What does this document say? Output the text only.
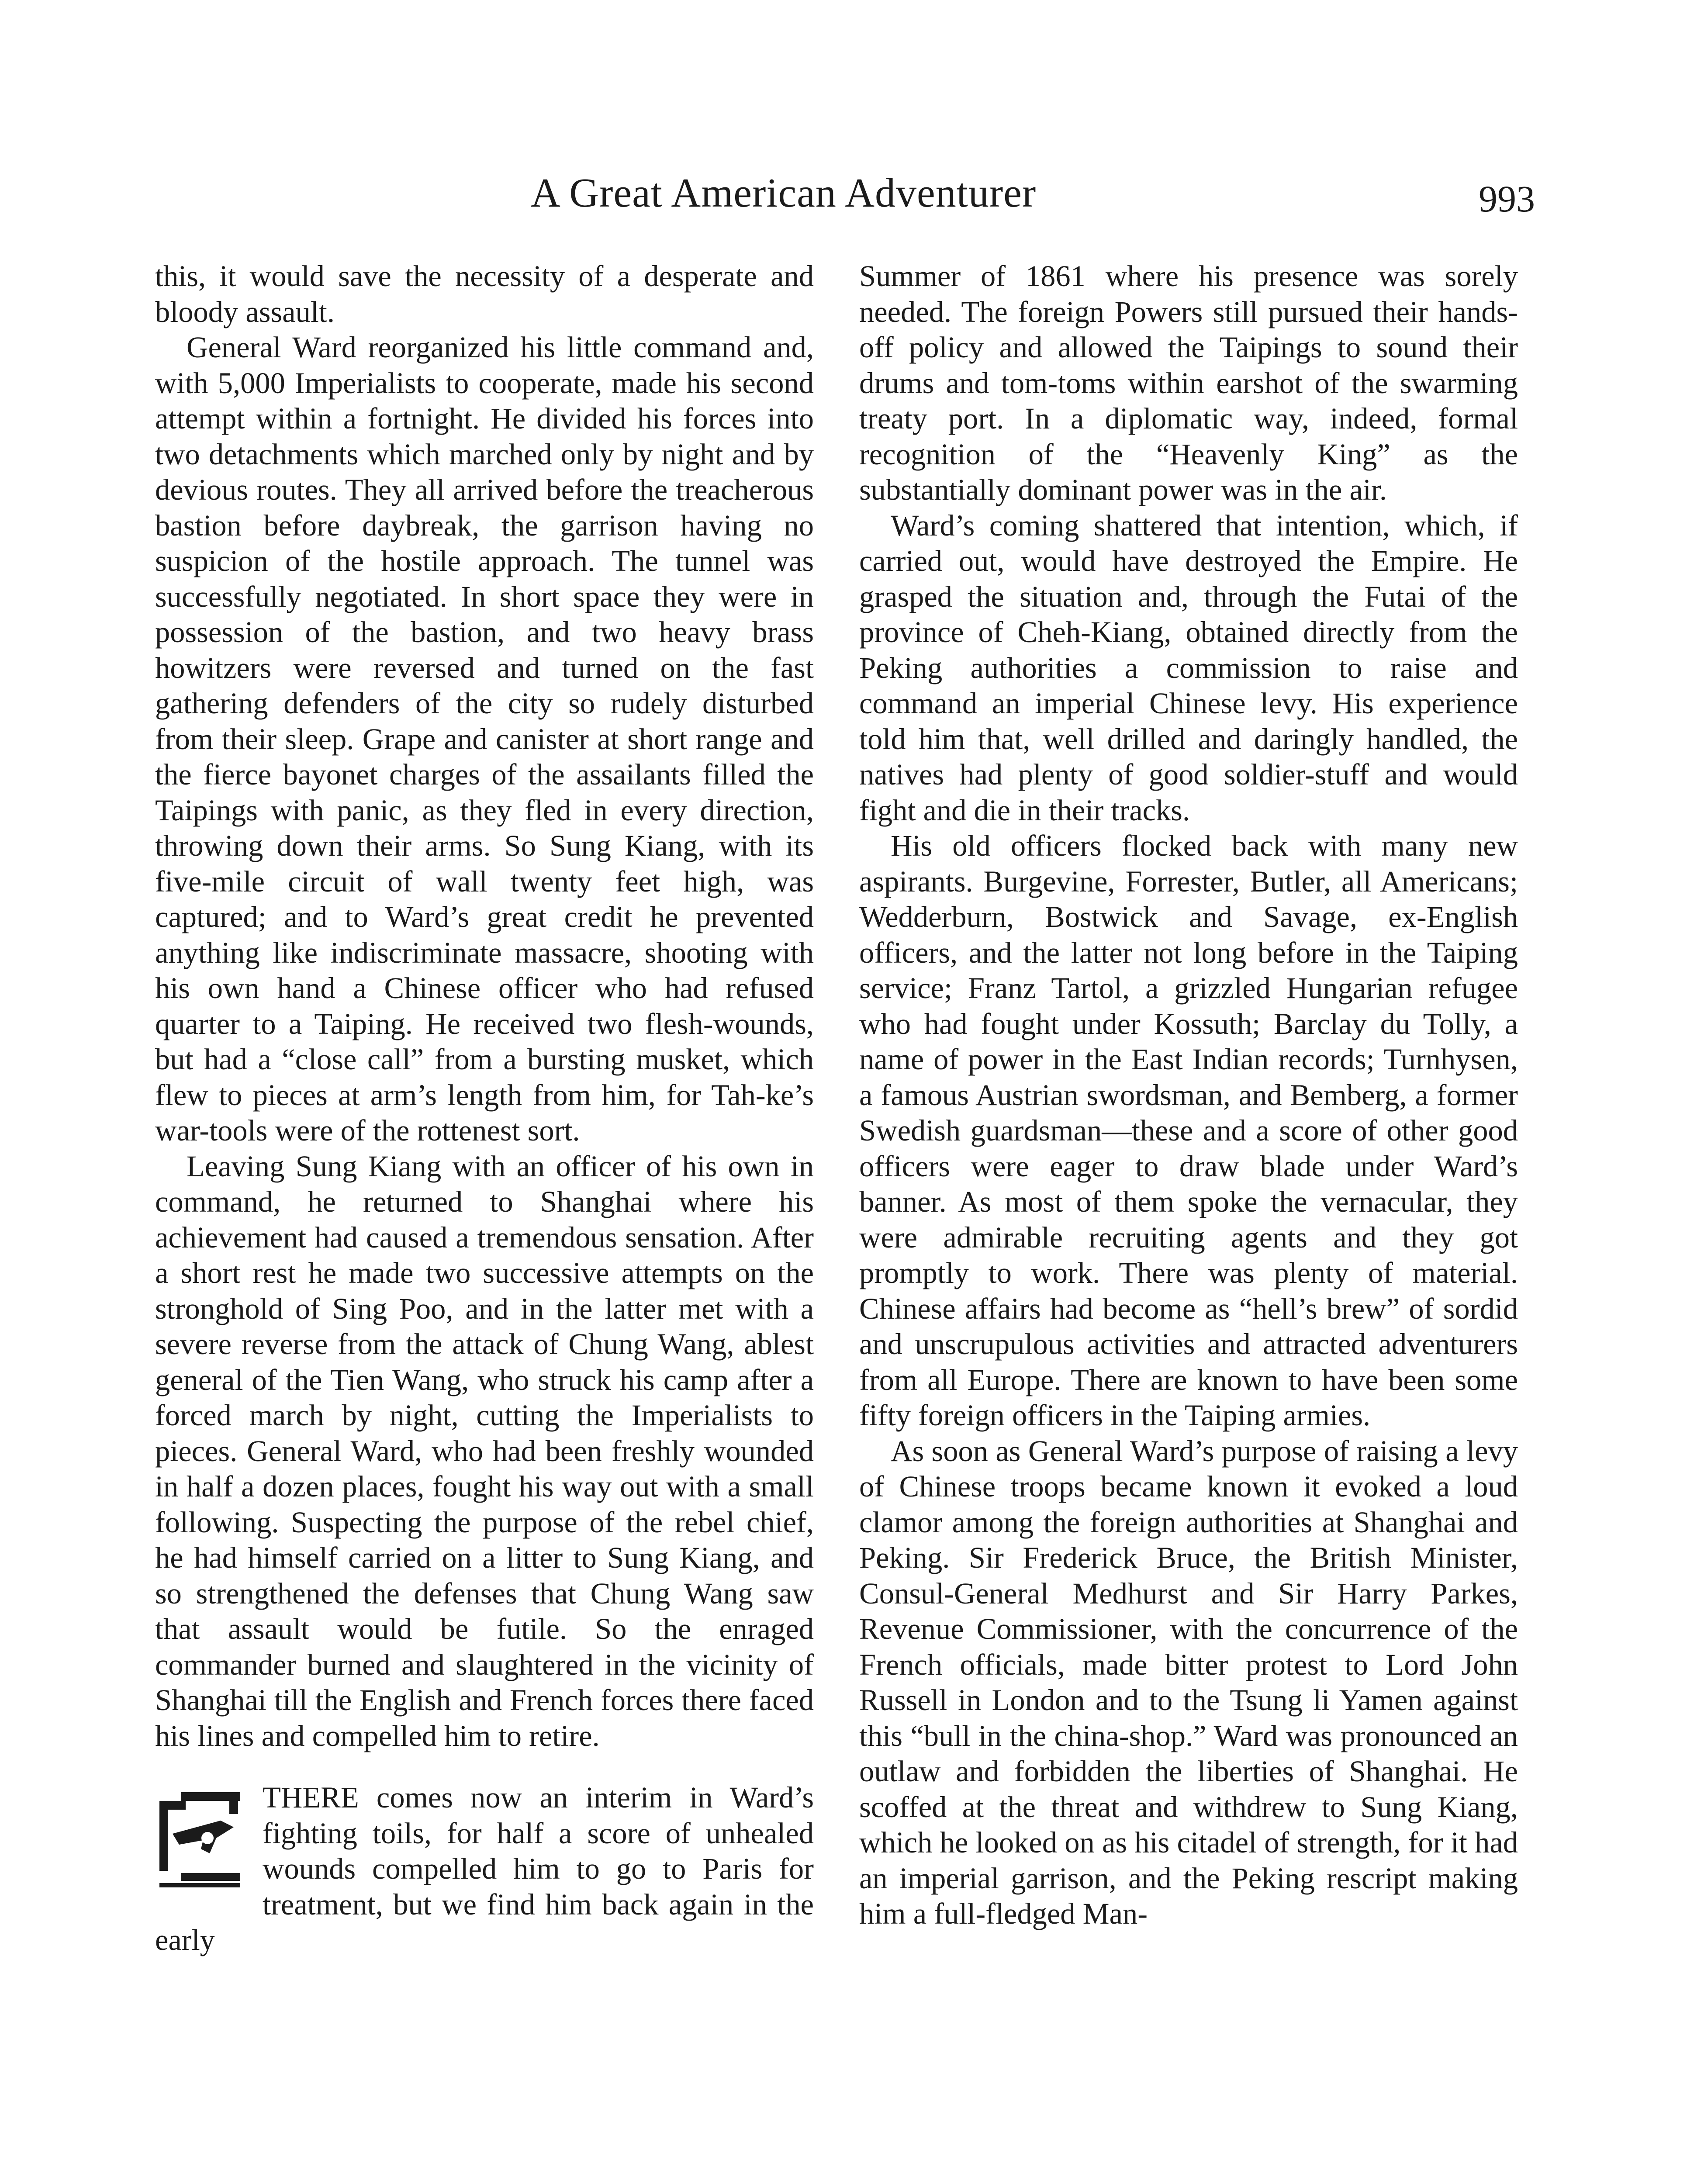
A Great American Adventurer	993

this, it would save the necessity of a desperate and bloody assault.

General Ward reorganized his little command and, with 5,000 Imperialists to cooperate, made his second attempt within a fortnight. He divided his forces into two detachments which marched only by night and by devious routes. They all arrived before the treacherous bastion before daybreak, the garrison having no suspicion of the hostile approach. The tunnel was successfully negotiated. In short space they were in possession of the bastion, and two heavy brass howitzers were reversed and turned on the fast gathering defenders of the city so rudely disturbed from their sleep. Grape and canister at short range and the fierce bayonet charges of the assailants filled the Taipings with panic, as they fled in every direction, throwing down their arms. So Sung Kiang, with its five-mile circuit of wall twenty feet high, was captured; and to Ward’s great credit he prevented anything like indiscriminate massacre, shooting with his own hand a Chinese officer who had refused quarter to a Taiping. He received two flesh-wounds, but had a “close call” from a bursting musket, which flew to pieces at arm’s length from him, for Tah-ke’s war-tools were of the rottenest sort.

Leaving Sung Kiang with an officer of his own in command, he returned to Shanghai where his achievement had caused a tremendous sensation. After a short rest he made two successive attempts on the stronghold of Sing Poo, and in the latter met with a severe reverse from the attack of Chung Wang, ablest general of the Tien Wang, who struck his camp after a forced march by night, cutting the Imperialists to pieces. General Ward, who had been freshly wounded in half a dozen places, fought his way out with a small following. Suspecting the purpose of the rebel chief, he had himself carried on a litter to Sung Kiang, and so strengthened the defenses that Chung Wang saw that assault would be futile. So the enraged commander burned and slaughtered in the vicinity of Shanghai till the English and French forces there faced his lines and compelled him to retire.

THERE comes now an interim in Ward’s fighting toils, for half a score of unhealed wounds compelled him to go to Paris for treatment, but we find him back again in the early

Summer of 1861 where his presence was sorely needed. The foreign Powers still pursued their hands-off policy and allowed the Taipings to sound their drums and tom-toms within earshot of the swarming treaty port. In a diplomatic way, indeed, formal recognition of the “Heavenly King” as the substantially dominant power was in the air.

Ward’s coming shattered that intention, which, if carried out, would have destroyed the Empire. He grasped the situation and, through the Futai of the province of Cheh-Kiang, obtained directly from the Peking authorities a commission to raise and command an imperial Chinese levy. His experience told him that, well drilled and daringly handled, the natives had plenty of good soldier-stuff and would fight and die in their tracks.

His old officers flocked back with many new aspirants. Burgevine, Forrester, Butler, all Americans; Wedderburn, Bostwick and Savage, ex-English officers, and the latter not long before in the Taiping service; Franz Tartol, a grizzled Hungarian refugee who had fought under Kossuth; Barclay du Tolly, a name of power in the East Indian records; Turnhysen, a famous Austrian swordsman, and Bemberg, a former Swedish guardsman—these and a score of other good officers were eager to draw blade under Ward’s banner. As most of them spoke the vernacular, they were admirable recruiting agents and they got promptly to work. There was plenty of material. Chinese affairs had become as “hell’s brew” of sordid and unscrupulous activities and attracted adventurers from all Europe. There are known to have been some fifty foreign officers in the Taiping armies.

As soon as General Ward’s purpose of raising a levy of Chinese troops became known it evoked a loud clamor among the foreign authorities at Shanghai and Peking. Sir Frederick Bruce, the British Minister, Consul-General Medhurst and Sir Harry Parkes, Revenue Commissioner, with the concurrence of the French officials, made bitter protest to Lord John Russell in London and to the Tsung li Yamen against this “bull in the china-shop.” Ward was pronounced an outlaw and forbidden the liberties of Shanghai. He scoffed at the threat and withdrew to Sung Kiang, which he looked on as his citadel of strength, for it had an imperial garrison, and the Peking rescript making him a full-fledged Man-
